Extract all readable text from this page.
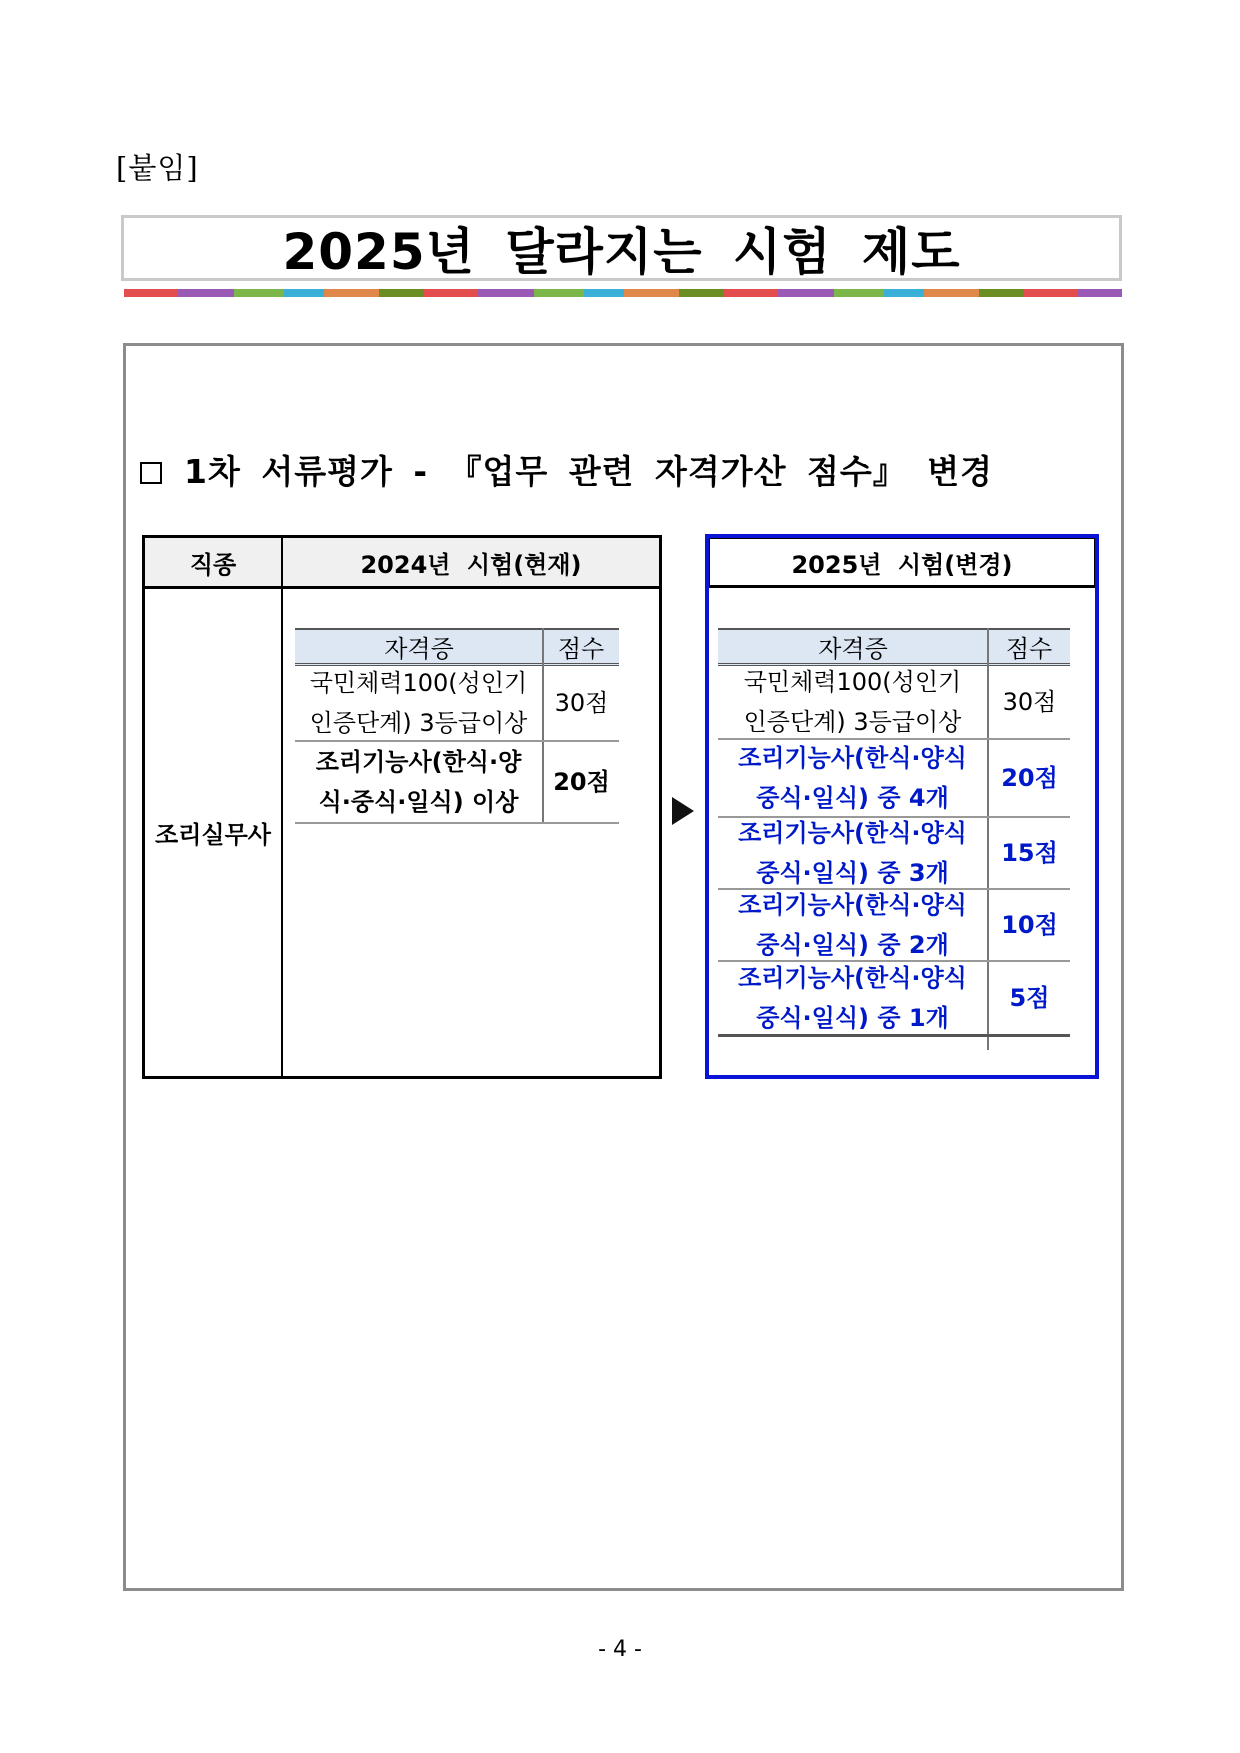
[붙임]
2025년 달라지는 시험 제도
1차 서류평가 - 『업무 관련 자격가산 점수』 변경
직종	2024년 시험(현재)
조리실무사
자격증	점수
국민체력100(성인기
인증단계) 3등급이상
30점
조리기능사(한식·양
식·중식·일식) 이상
20점
2025년 시험(변경)
자격증	점수
국민체력100(성인기
인증단계) 3등급이상
30점
조리기능사(한식·양식
중식·일식) 중 4개
20점
조리기능사(한식·양식
중식·일식) 중 3개
15점
조리기능사(한식·양식
중식·일식) 중 2개
10점
조리기능사(한식·양식
중식·일식) 중 1개
5점
- 4 -
